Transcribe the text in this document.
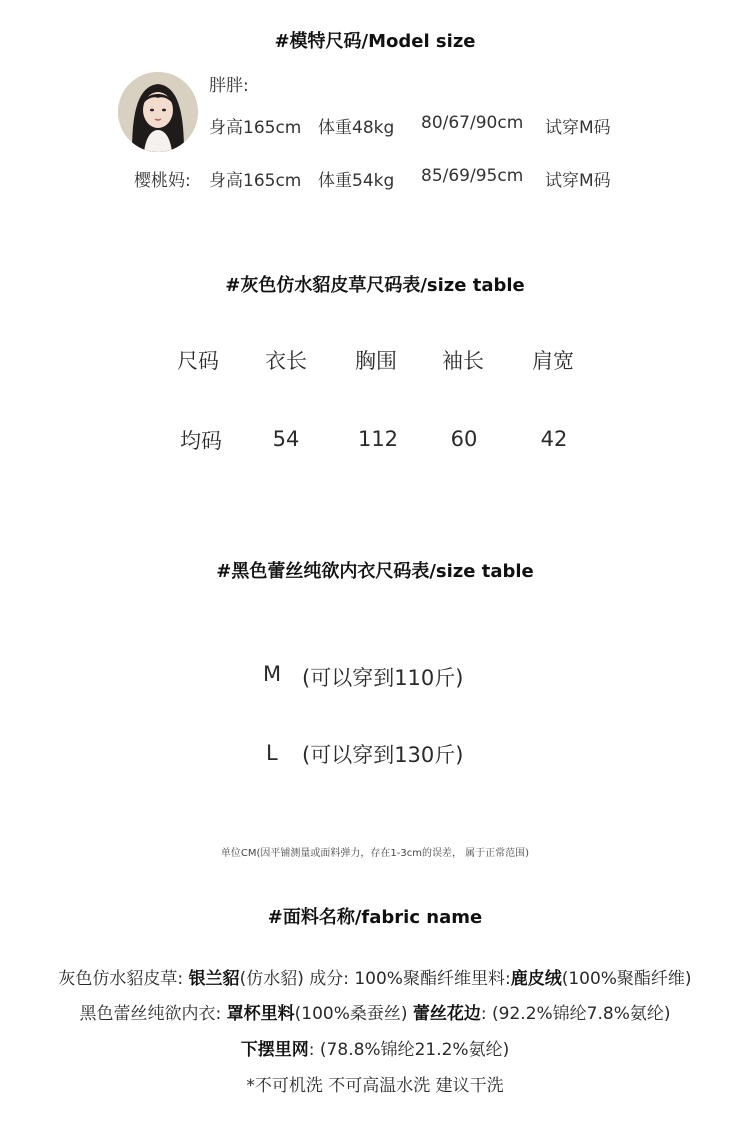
#模特尺码/Model size
胖胖:
身高165cm 体重48kg 80/67/90cm 试穿M码
樱桃妈: 身高165cm 体重54kg 85/69/95cm 试穿M码
#灰色仿水貂皮草尺码表/size table
尺码	衣长	胸围	袖长	肩宽
均码	54	112	60	42
#黑色蕾丝纯欲内衣尺码表/size table
M (可以穿到110斤)
L (可以穿到130斤)
单位CM(因平铺测量或面料弹力，存在1-3cm的误差， 属于正常范围)
#面料名称/fabric name
灰色仿水貂皮草: 银兰貂(仿水貂) 成分: 100%聚酯纤维里料:鹿皮绒(100%聚酯纤维)
黑色蕾丝纯欲内衣: 罩杯里料(100%桑蚕丝) 蕾丝花边: (92.2%锦纶7.8%氨纶)
下摆里网: (78.8%锦纶21.2%氨纶)
*不可机洗 不可高温水洗 建议干洗
